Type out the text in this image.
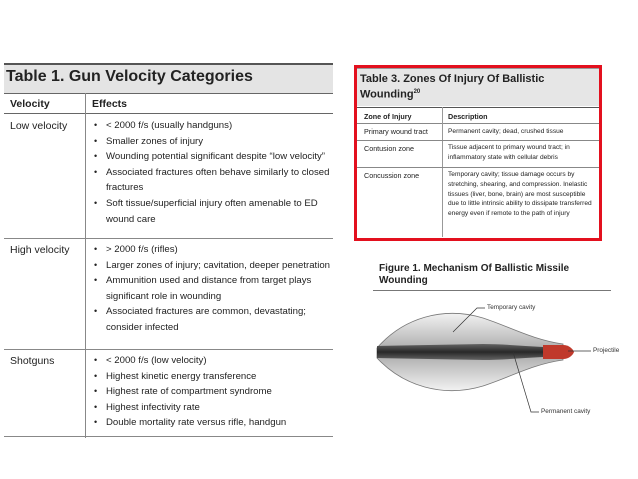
Table 1. Gun Velocity Categories
Velocity	Effects
Low velocity	• < 2000 f/s (usually handguns)
• Smaller zones of injury
• Wounding potential significant despite “low velocity”
• Associated fractures often behave similarly to closed fractures
• Soft tissue/superficial injury often amenable to ED wound care
High velocity	• > 2000 f/s (rifles)
• Larger zones of injury; cavitation, deeper penetration
• Ammunition used and distance from target plays significant role in wounding
• Associated fractures are common, devastating; consider infected
Shotguns	• < 2000 f/s (low velocity)
• Highest kinetic energy transference
• Highest rate of compartment syndrome
• Highest infectivity rate
• Double mortality rate versus rifle, handgun
Table 3. Zones Of Injury Of Ballistic Wounding$^{20}$
Zone of Injury	Description
Primary wound tract	Permanent cavity; dead, crushed tissue
Contusion zone	Tissue adjacent to primary wound tract; in inflammatory state with cellular debris
Concussion zone	Temporary cavity; tissue damage occurs by stretching, shearing, and compression. Inelastic tissues (liver, bone, brain) are most susceptible due to little intrinsic ability to dissipate transferred energy even if remote to the path of injury
Figure 1. Mechanism Of Ballistic Missile Wounding
Temporary cavity
Projectile
Permanent cavity
